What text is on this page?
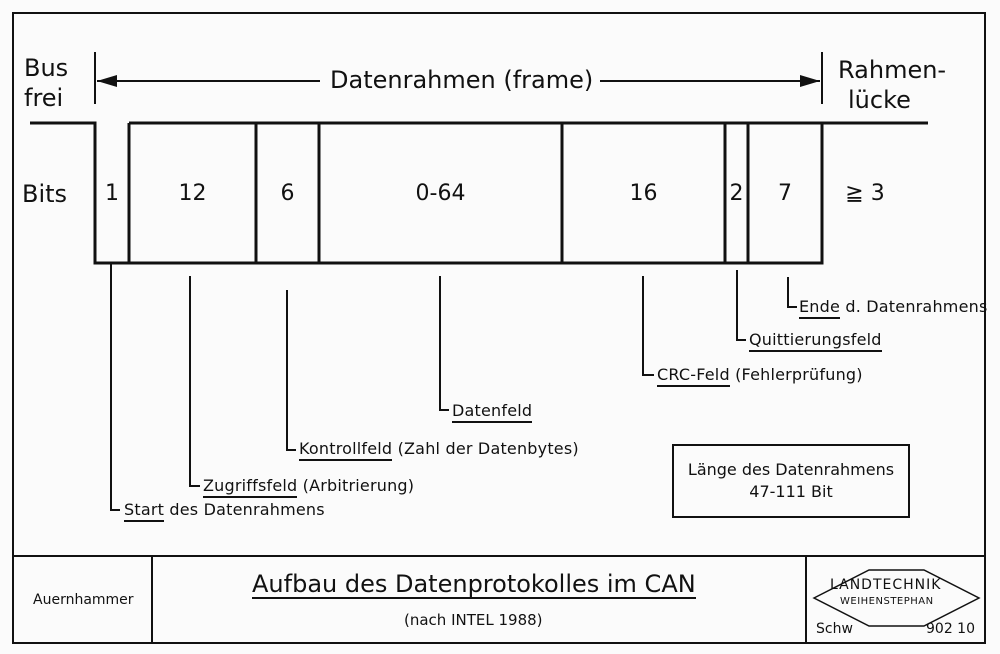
Bus
frei
Datenrahmen (frame)	Rahmen-
lücke
Bits	1	12	6	0-64	16	2	7	≧ 3
Start des Datenrahmens
Zugriffsfeld (Arbitrierung)
Kontrollfeld (Zahl der Datenbytes)
Datenfeld
CRC-Feld (Fehlerprüfung)
Quittierungsfeld
Ende d. Datenrahmens
Länge des Datenrahmens
47-111 Bit
Auernhammer
Aufbau des Datenprotokolles im CAN
(nach INTEL 1988)
LANDTECHNIK
WEIHENSTEPHAN
Schw	902 10
